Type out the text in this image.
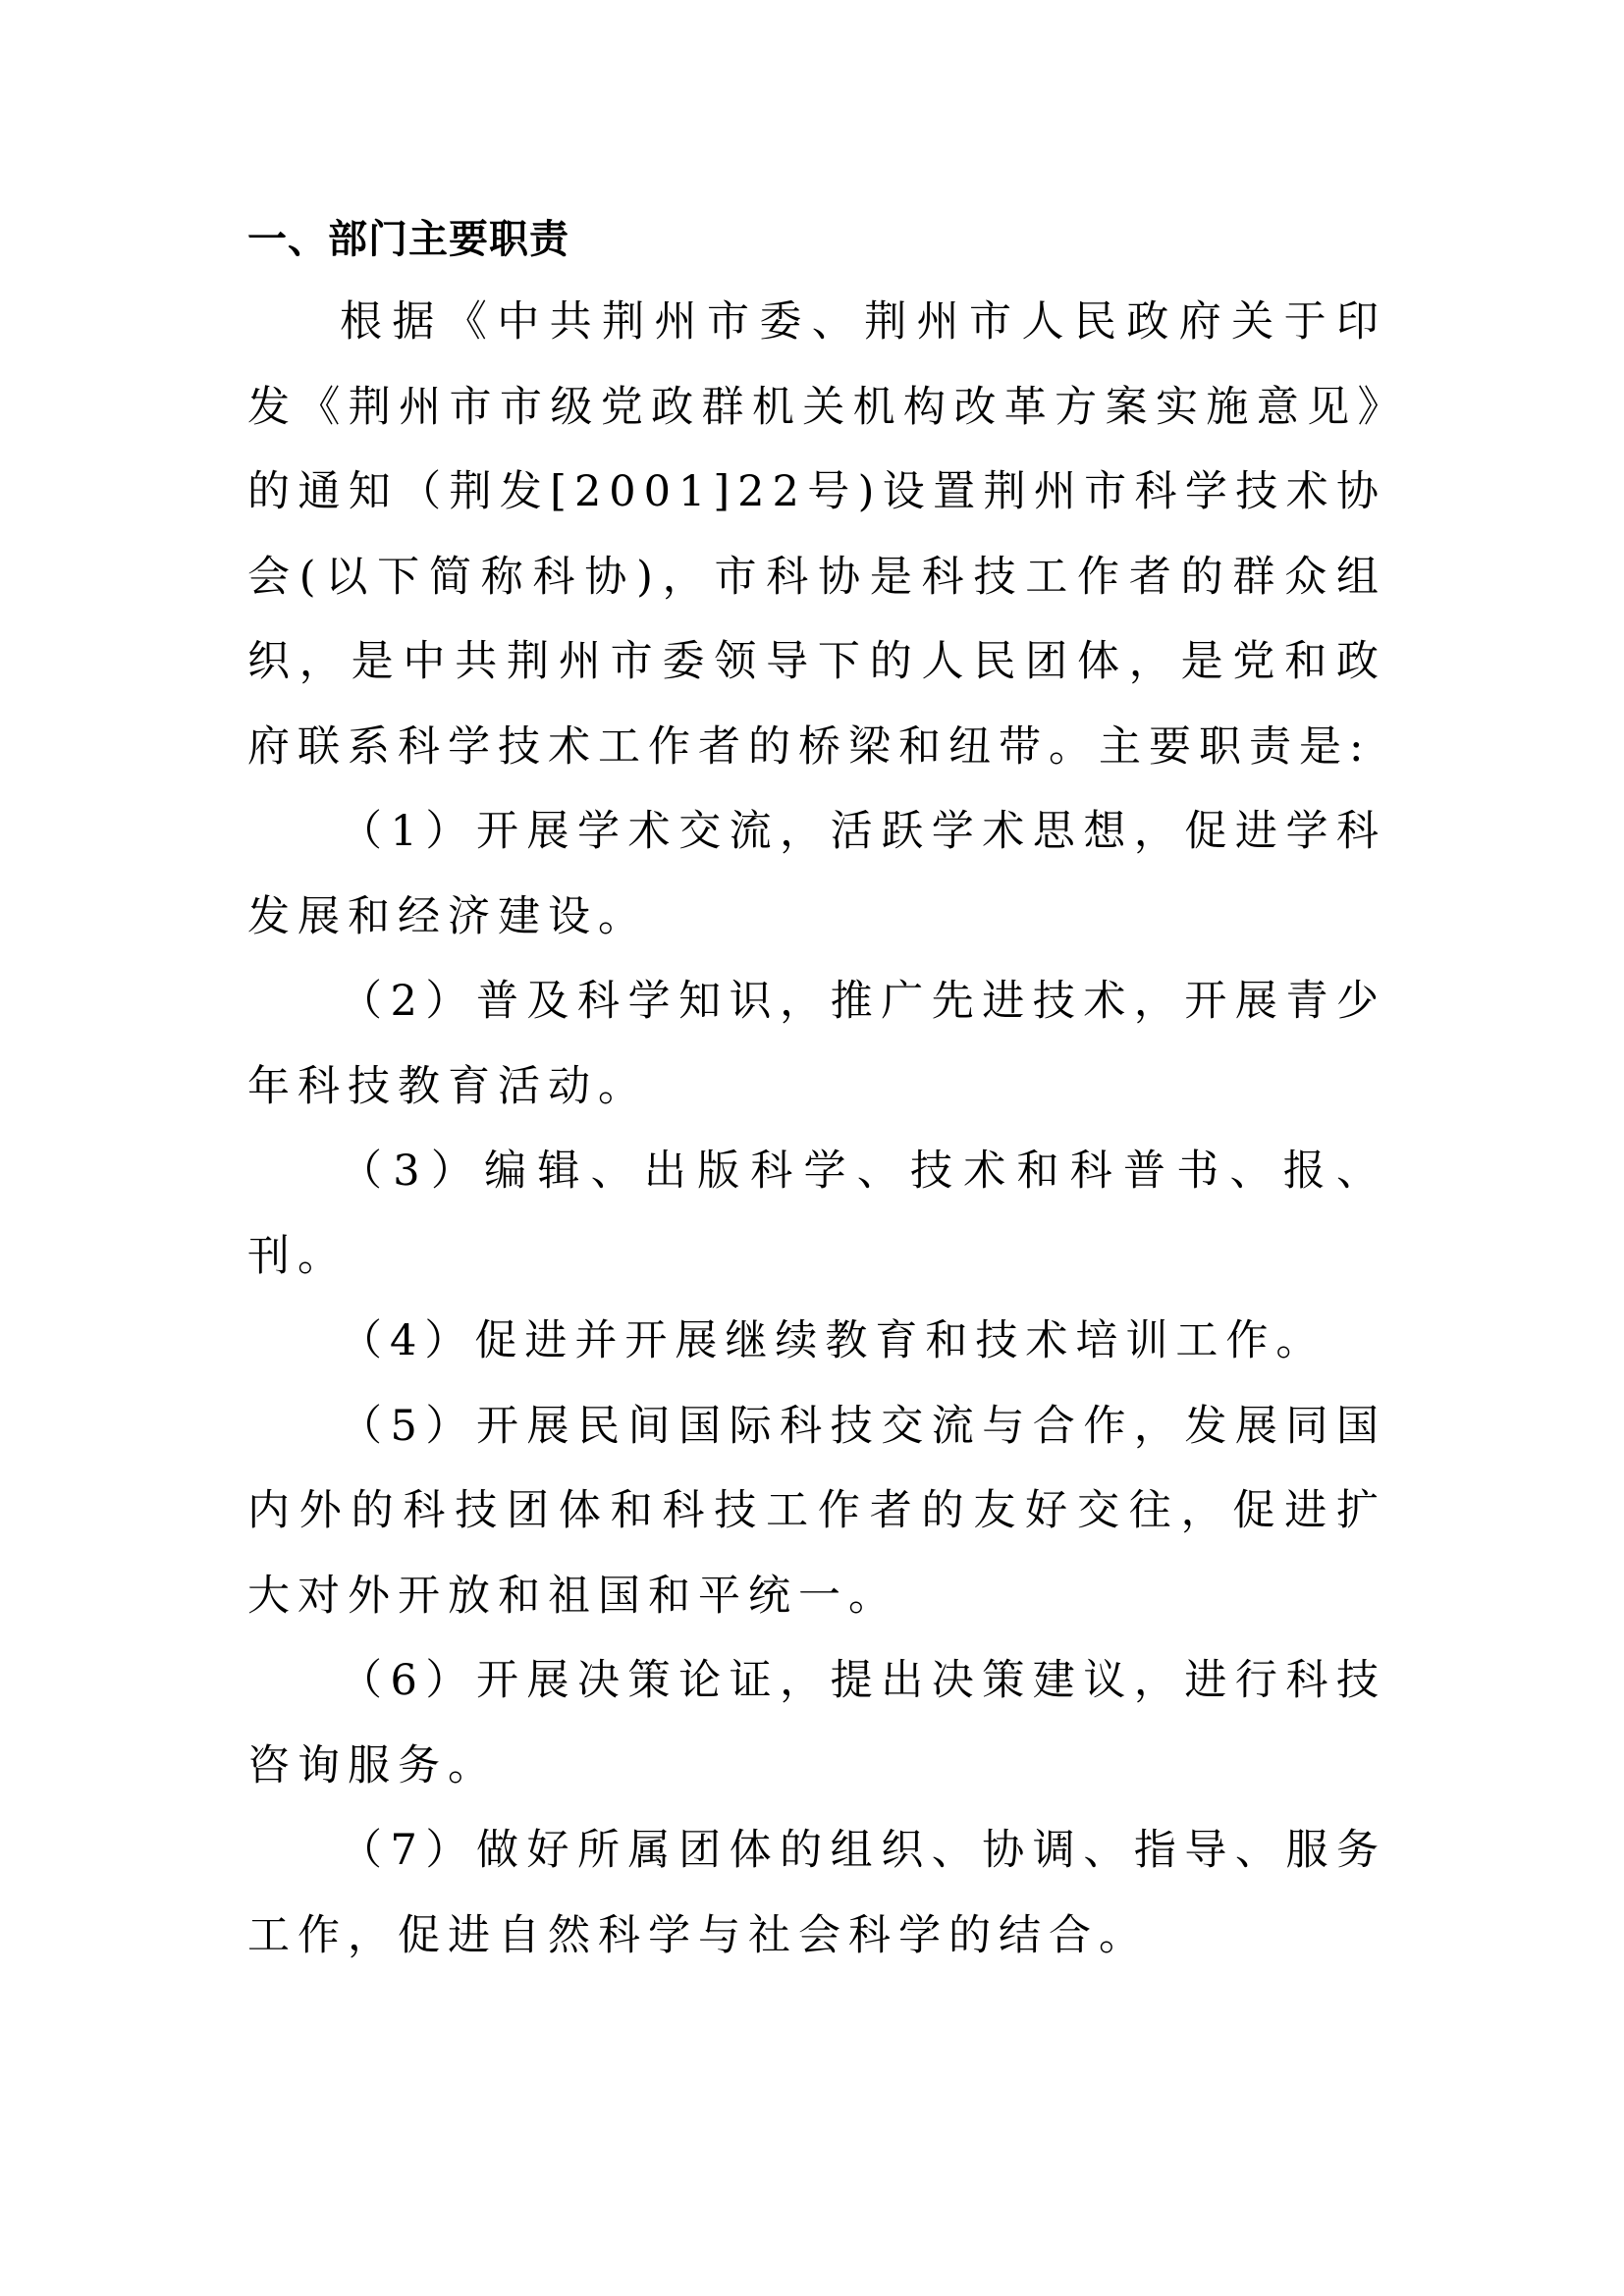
一、部门主要职责

根据《中共荆州市委、荆州市人民政府关于印发《荆州市市级党政群机关机构改革方案实施意见》的通知（荆发[2001]22号)设置荆州市科学技术协会(以下简称科协)，市科协是科技工作者的群众组织，是中共荆州市委领导下的人民团体，是党和政府联系科学技术工作者的桥梁和纽带。主要职责是:

（1）开展学术交流，活跃学术思想，促进学科发展和经济建设。

（2）普及科学知识，推广先进技术，开展青少年科技教育活动。

（3）编辑、出版科学、技术和科普书、报、刊。

（4）促进并开展继续教育和技术培训工作。

（5）开展民间国际科技交流与合作，发展同国内外的科技团体和科技工作者的友好交往，促进扩大对外开放和祖国和平统一。

（6）开展决策论证，提出决策建议，进行科技咨询服务。

（7）做好所属团体的组织、协调、指导、服务工作，促进自然科学与社会科学的结合。
